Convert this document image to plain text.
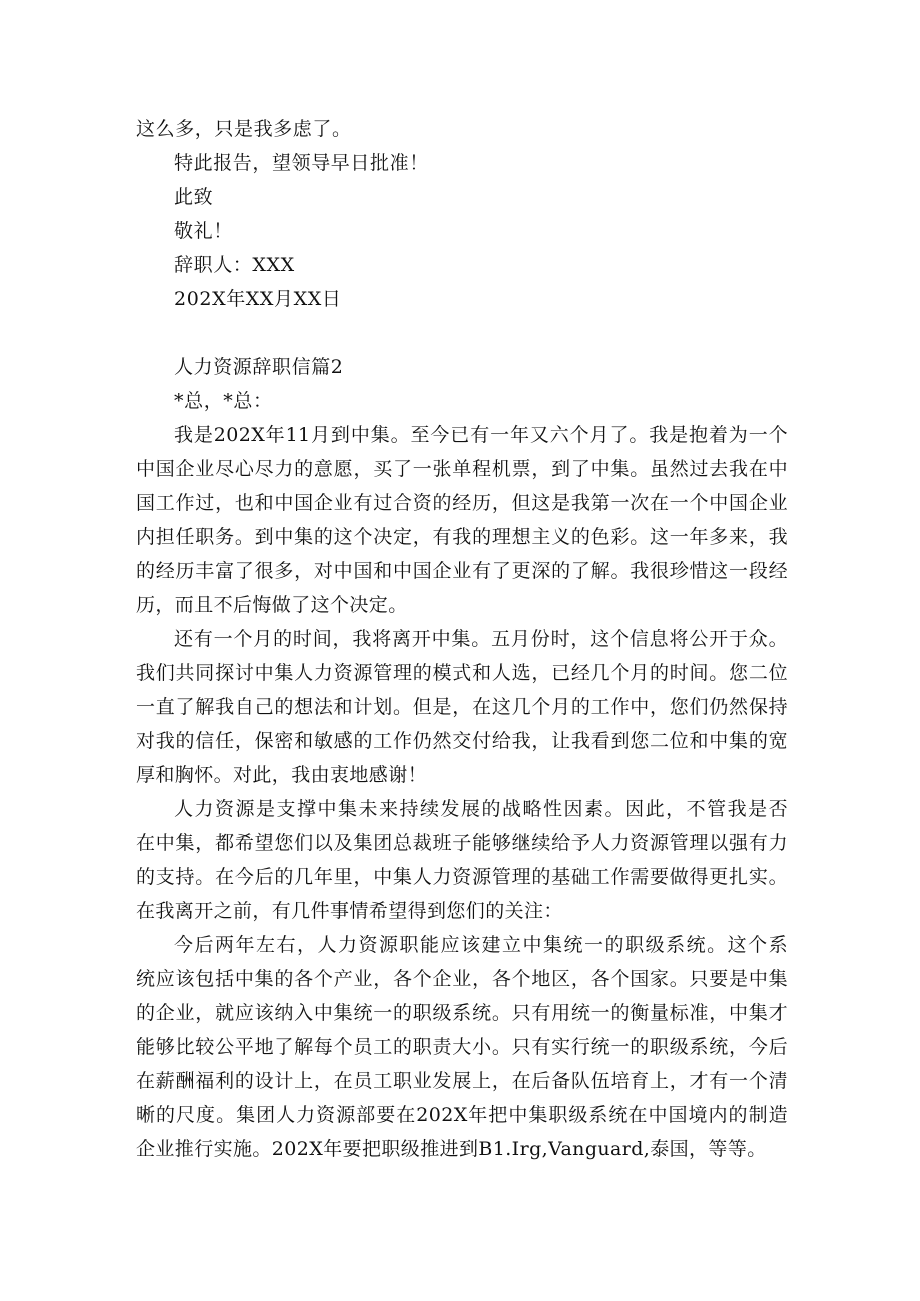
这么多，只是我多虑了。
特此报告，望领导早日批准！
此致
敬礼！
辞职人：XXX
202X年XX月XX日
人力资源辞职信篇2
*总，*总：
我是202X年11月到中集。至今已有一年又六个月了。我是抱着为一个
中国企业尽心尽力的意愿，买了一张单程机票，到了中集。虽然过去我在中
国工作过，也和中国企业有过合资的经历，但这是我第一次在一个中国企业
内担任职务。到中集的这个决定，有我的理想主义的色彩。这一年多来，我
的经历丰富了很多，对中国和中国企业有了更深的了解。我很珍惜这一段经
历，而且不后悔做了这个决定。
还有一个月的时间，我将离开中集。五月份时，这个信息将公开于众。
我们共同探讨中集人力资源管理的模式和人选，已经几个月的时间。您二位
一直了解我自己的想法和计划。但是，在这几个月的工作中，您们仍然保持
对我的信任，保密和敏感的工作仍然交付给我，让我看到您二位和中集的宽
厚和胸怀。对此，我由衷地感谢！
人力资源是支撑中集未来持续发展的战略性因素。因此，不管我是否
在中集，都希望您们以及集团总裁班子能够继续给予人力资源管理以强有力
的支持。在今后的几年里，中集人力资源管理的基础工作需要做得更扎实。
在我离开之前，有几件事情希望得到您们的关注：
今后两年左右，人力资源职能应该建立中集统一的职级系统。这个系
统应该包括中集的各个产业，各个企业，各个地区，各个国家。只要是中集
的企业，就应该纳入中集统一的职级系统。只有用统一的衡量标准，中集才
能够比较公平地了解每个员工的职责大小。只有实行统一的职级系统，今后
在薪酬福利的设计上，在员工职业发展上，在后备队伍培育上，才有一个清
晰的尺度。集团人力资源部要在202X年把中集职级系统在中国境内的制造
企业推行实施。202X年要把职级推进到B1.Irg,Vanguard,泰国，等等。
